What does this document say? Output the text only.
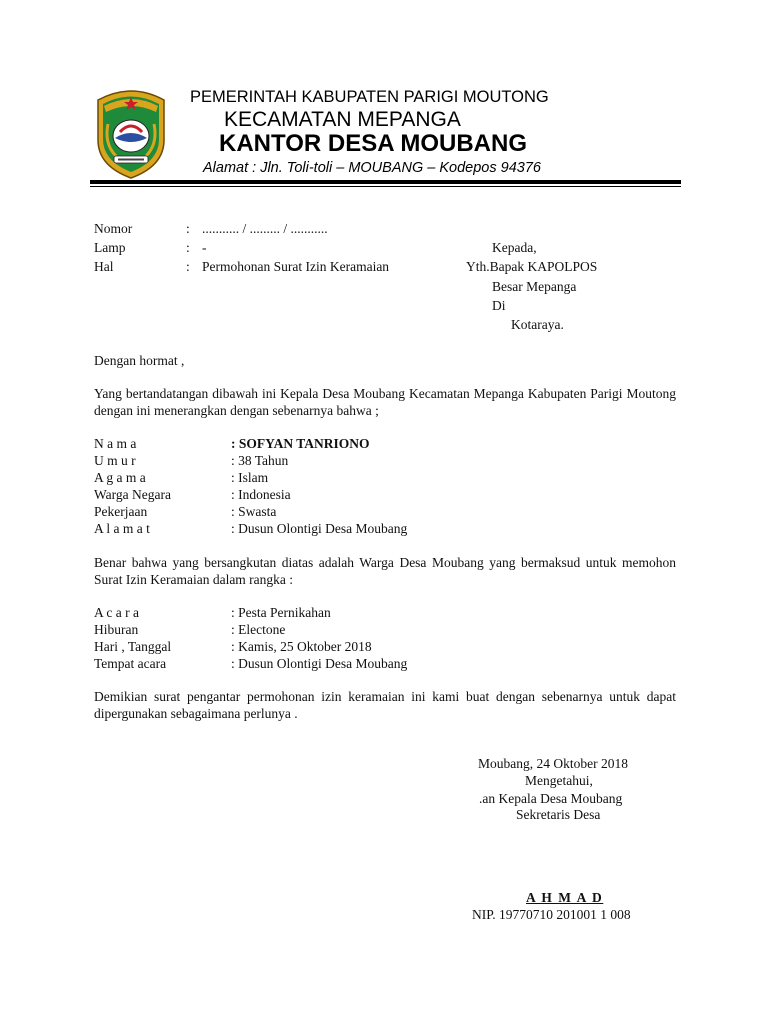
PEMERINTAH KABUPATEN PARIGI MOUTONG
KECAMATAN MEPANGA
KANTOR DESA MOUBANG
Alamat : Jln. Toli-toli – MOUBANG – Kodepos 94376
Nomor	: ........... / ......... / ...........
Lamp	: -
Hal	: Permohonan Surat Izin Keramaian
Kepada,
Yth.Bapak KAPOLPOS
Besar Mepanga
Di
Kotaraya.
Dengan hormat ,
Yang bertandatangan dibawah ini Kepala Desa Moubang Kecamatan Mepanga Kabupaten Parigi Moutong dengan ini menerangkan dengan sebenarnya bahwa ;
N a m a	: SOFYAN TANRIONO
U m u r	: 38 Tahun
A g a m a	: Islam
Warga Negara	: Indonesia
Pekerjaan	: Swasta
A l a m a t	: Dusun Olontigi Desa Moubang
Benar bahwa yang bersangkutan diatas adalah Warga Desa Moubang yang bermaksud untuk memohon Surat Izin Keramaian dalam rangka :
A c a r a	: Pesta Pernikahan
Hiburan	: Electone
Hari , Tanggal	: Kamis, 25 Oktober 2018
Tempat acara	: Dusun Olontigi Desa Moubang
Demikian surat pengantar permohonan izin keramaian ini kami buat dengan sebenarnya untuk dapat dipergunakan sebagaimana perlunya .
Moubang, 24 Oktober 2018
Mengetahui,
.an Kepala Desa Moubang
Sekretaris Desa
A H M A D
NIP. 19770710 201001 1 008
